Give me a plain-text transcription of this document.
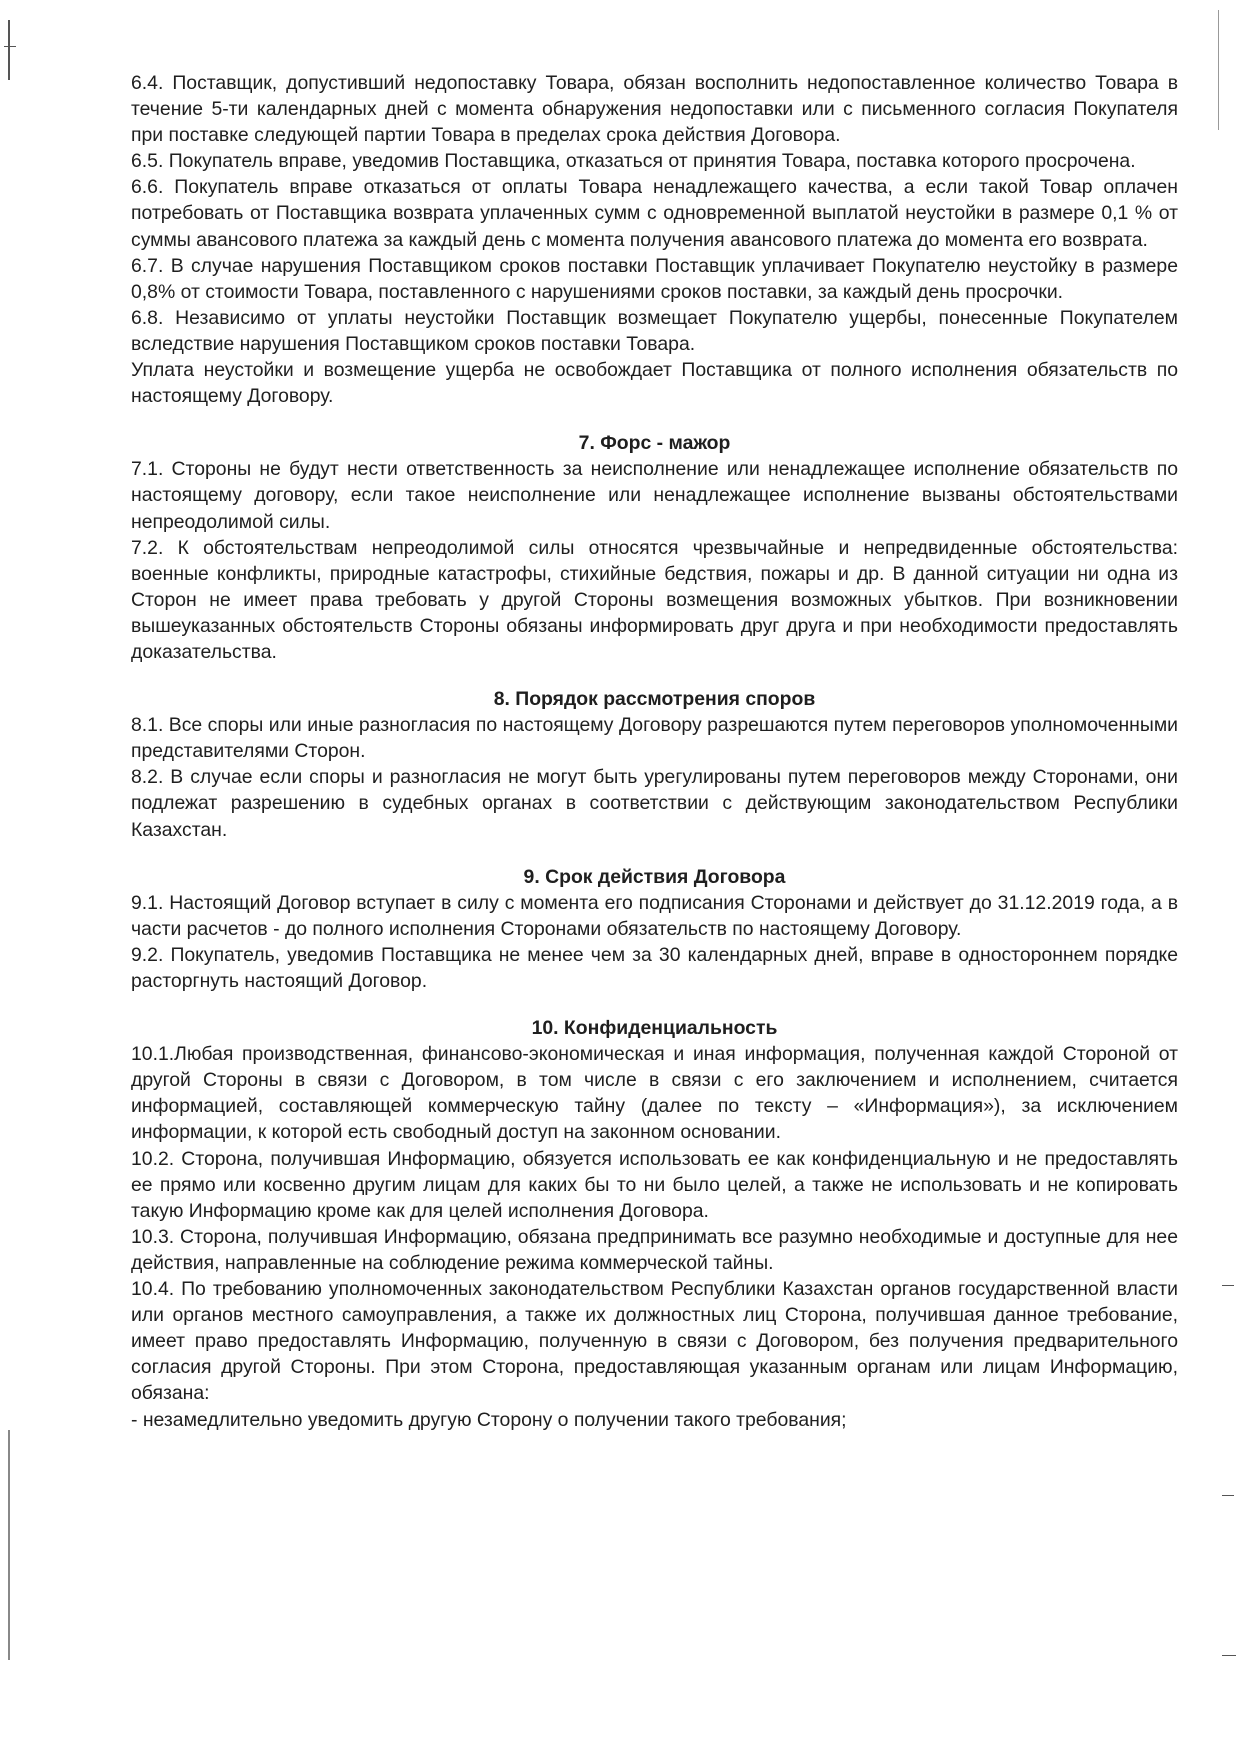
6.4. Поставщик, допустивший недопоставку Товара, обязан восполнить недопоставленное количество Товара в течение 5-ти календарных дней с момента обнаружения недопоставки или с письменного согласия Покупателя при поставке следующей партии Товара в пределах срока действия Договора.

6.5. Покупатель вправе, уведомив Поставщика, отказаться от принятия Товара, поставка которого просрочена.

6.6. Покупатель вправе отказаться от оплаты Товара ненадлежащего качества, а если такой Товар оплачен потребовать от Поставщика возврата уплаченных сумм с одновременной выплатой неустойки в размере 0,1 % от суммы авансового платежа за каждый день с момента получения авансового платежа до момента его возврата.

6.7. В случае нарушения Поставщиком сроков поставки Поставщик уплачивает Покупателю неустойку в размере 0,8% от стоимости Товара, поставленного с нарушениями сроков поставки, за каждый день просрочки.

6.8. Независимо от уплаты неустойки Поставщик возмещает Покупателю ущербы, понесенные Покупателем вследствие нарушения Поставщиком сроков поставки Товара.

Уплата неустойки и возмещение ущерба не освобождает Поставщика от полного исполнения обязательств по настоящему Договору.

7. Форс - мажор

7.1. Стороны не будут нести ответственность за неисполнение или ненадлежащее исполнение обязательств по настоящему договору, если такое неисполнение или ненадлежащее исполнение вызваны обстоятельствами непреодолимой силы.

7.2. К обстоятельствам непреодолимой силы относятся чрезвычайные и непредвиденные обстоятельства: военные конфликты, природные катастрофы, стихийные бедствия, пожары и др. В данной ситуации ни одна из Сторон не имеет права требовать у другой Стороны возмещения возможных убытков. При возникновении вышеуказанных обстоятельств Стороны обязаны информировать друг друга и при необходимости предоставлять доказательства.

8. Порядок рассмотрения споров

8.1. Все споры или иные разногласия по настоящему Договору разрешаются путем переговоров уполномоченными представителями Сторон.

8.2. В случае если споры и разногласия не могут быть урегулированы путем переговоров между Сторонами, они подлежат разрешению в судебных органах в соответствии с действующим законодательством Республики Казахстан.

9. Срок действия Договора

9.1. Настоящий Договор вступает в силу с момента его подписания Сторонами и действует до 31.12.2019 года, а в части расчетов - до полного исполнения Сторонами обязательств по настоящему Договору.

9.2. Покупатель, уведомив Поставщика не менее чем за 30 календарных дней, вправе в одностороннем порядке расторгнуть настоящий Договор.

10. Конфиденциальность

10.1.Любая производственная, финансово-экономическая и иная информация, полученная каждой Стороной от другой Стороны в связи с Договором, в том числе в связи с его заключением и исполнением, считается информацией, составляющей коммерческую тайну (далее по тексту – «Информация»), за исключением информации, к которой есть свободный доступ на законном основании.

10.2. Сторона, получившая Информацию, обязуется использовать ее как конфиденциальную и не предоставлять ее прямо или косвенно другим лицам для каких бы то ни было целей, а также не использовать и не копировать такую Информацию кроме как для целей исполнения Договора.

10.3. Сторона, получившая Информацию, обязана предпринимать все разумно необходимые и доступные для нее действия, направленные на соблюдение режима коммерческой тайны.

10.4. По требованию уполномоченных законодательством Республики Казахстан органов государственной власти или органов местного самоуправления, а также их должностных лиц Сторона, получившая данное требование, имеет право предоставлять Информацию, полученную в связи с Договором, без получения предварительного согласия другой Стороны. При этом Сторона, предоставляющая указанным органам или лицам Информацию, обязана:

- незамедлительно уведомить другую Сторону о получении такого требования;
